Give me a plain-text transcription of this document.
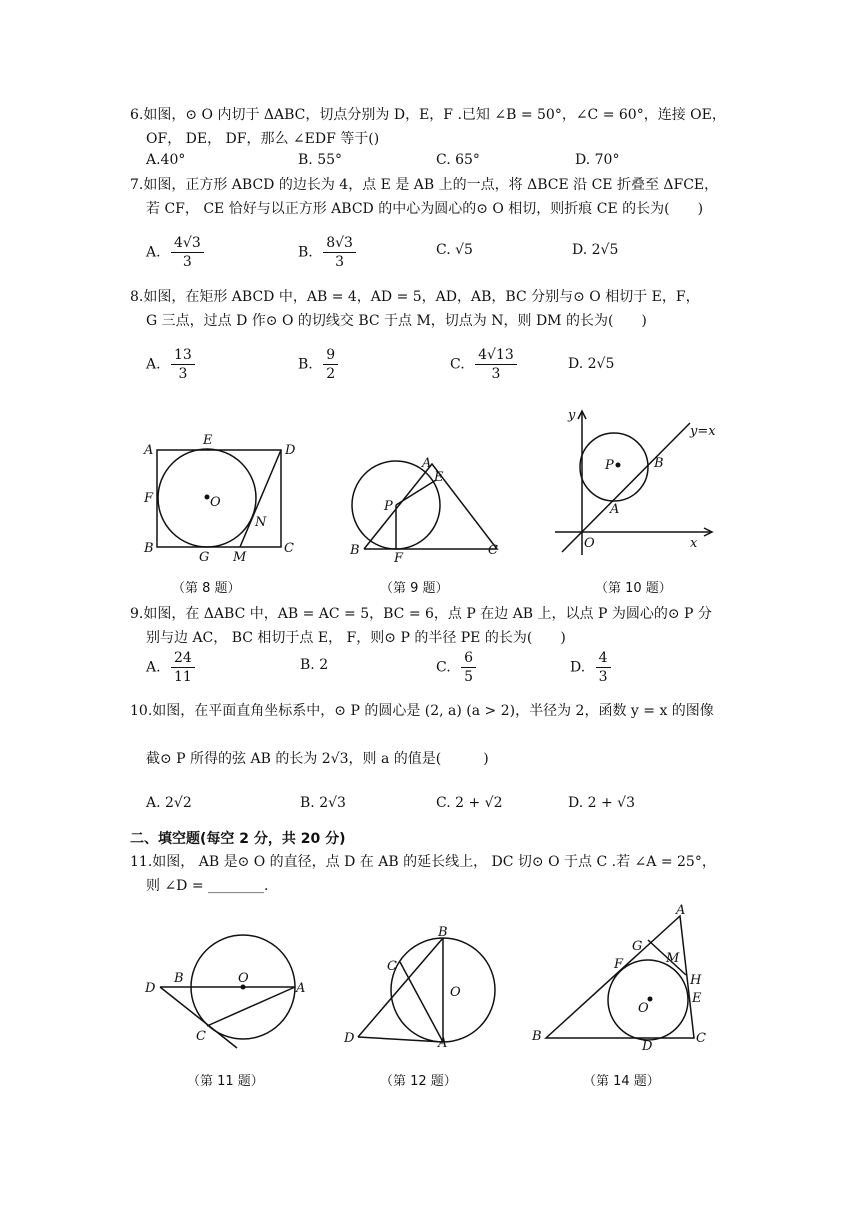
6.如图，⊙ O 内切于 ΔABC，切点分别为 D，E，F .已知 ∠B = 50°，∠C = 60°，连接 OE，
OF， DE， DF，那么 ∠EDF 等于()
A.40°	B. 55°	C. 65°	D. 70°
7.如图，正方形 ABCD 的边长为 4，点 E 是 AB 上的一点，将 ΔBCE 沿 CE 折叠至 ΔFCE，
若 CF， CE 恰好与以正方形 ABCD 的中心为圆心的⊙ O 相切，则折痕 CE 的长为(　　)
A. $\frac{4√3}{3}$	B. $\frac{8√3}{3}$	C. √5	D. 2√5
8.如图，在矩形 ABCD 中，AB = 4，AD = 5，AD，AB，BC 分别与⊙ O 相切于 E，F，
G 三点，过点 D 作⊙ O 的切线交 BC 于点 M，切点为 N，则 DM 的长为(　　)
A. $\frac{13}{3}$	B. $\frac{9}{2}$	C. $\frac{4√13}{3}$	D. 2√5
A
E
D
F	O
N
B
G M
C
A
E
P
B
F
C
y
y=x
P	B
A
O	x
（第 8 题）	（第 9 题）	（第 10 题）
9.如图，在 ΔABC 中，AB = AC = 5，BC = 6，点 P 在边 AB 上，以点 P 为圆心的⊙ P 分
别与边 AC， BC 相切于点 E， F，则⊙ P 的半径 PE 的长为(　　)
A. $\frac{24}{11}$	B. 2	C. $\frac{6}{5}$	D. $\frac{4}{3}$
10.如图，在平面直角坐标系中，⊙ P 的圆心是 (2, a) (a > 2)，半径为 2，函数 y = x 的图像
截⊙ P 所得的弦 AB 的长为 2√3，则 a 的值是(　　　)
A. 2√2	B. 2√3	C. 2 + √2	D. 2 + √3
二、填空题(每空 2 分，共 20 分)
11.如图， AB 是⊙ O 的直径，点 D 在 AB 的延长线上， DC 切⊙ O 于点 C .若 ∠A = 25°，
则 ∠D = ________.
D
B	O
A
C
B
C
O
D	A
A
G
F	M
H
E
O
B
D
C
（第 11 题）	（第 12 题）	（第 14 题）
